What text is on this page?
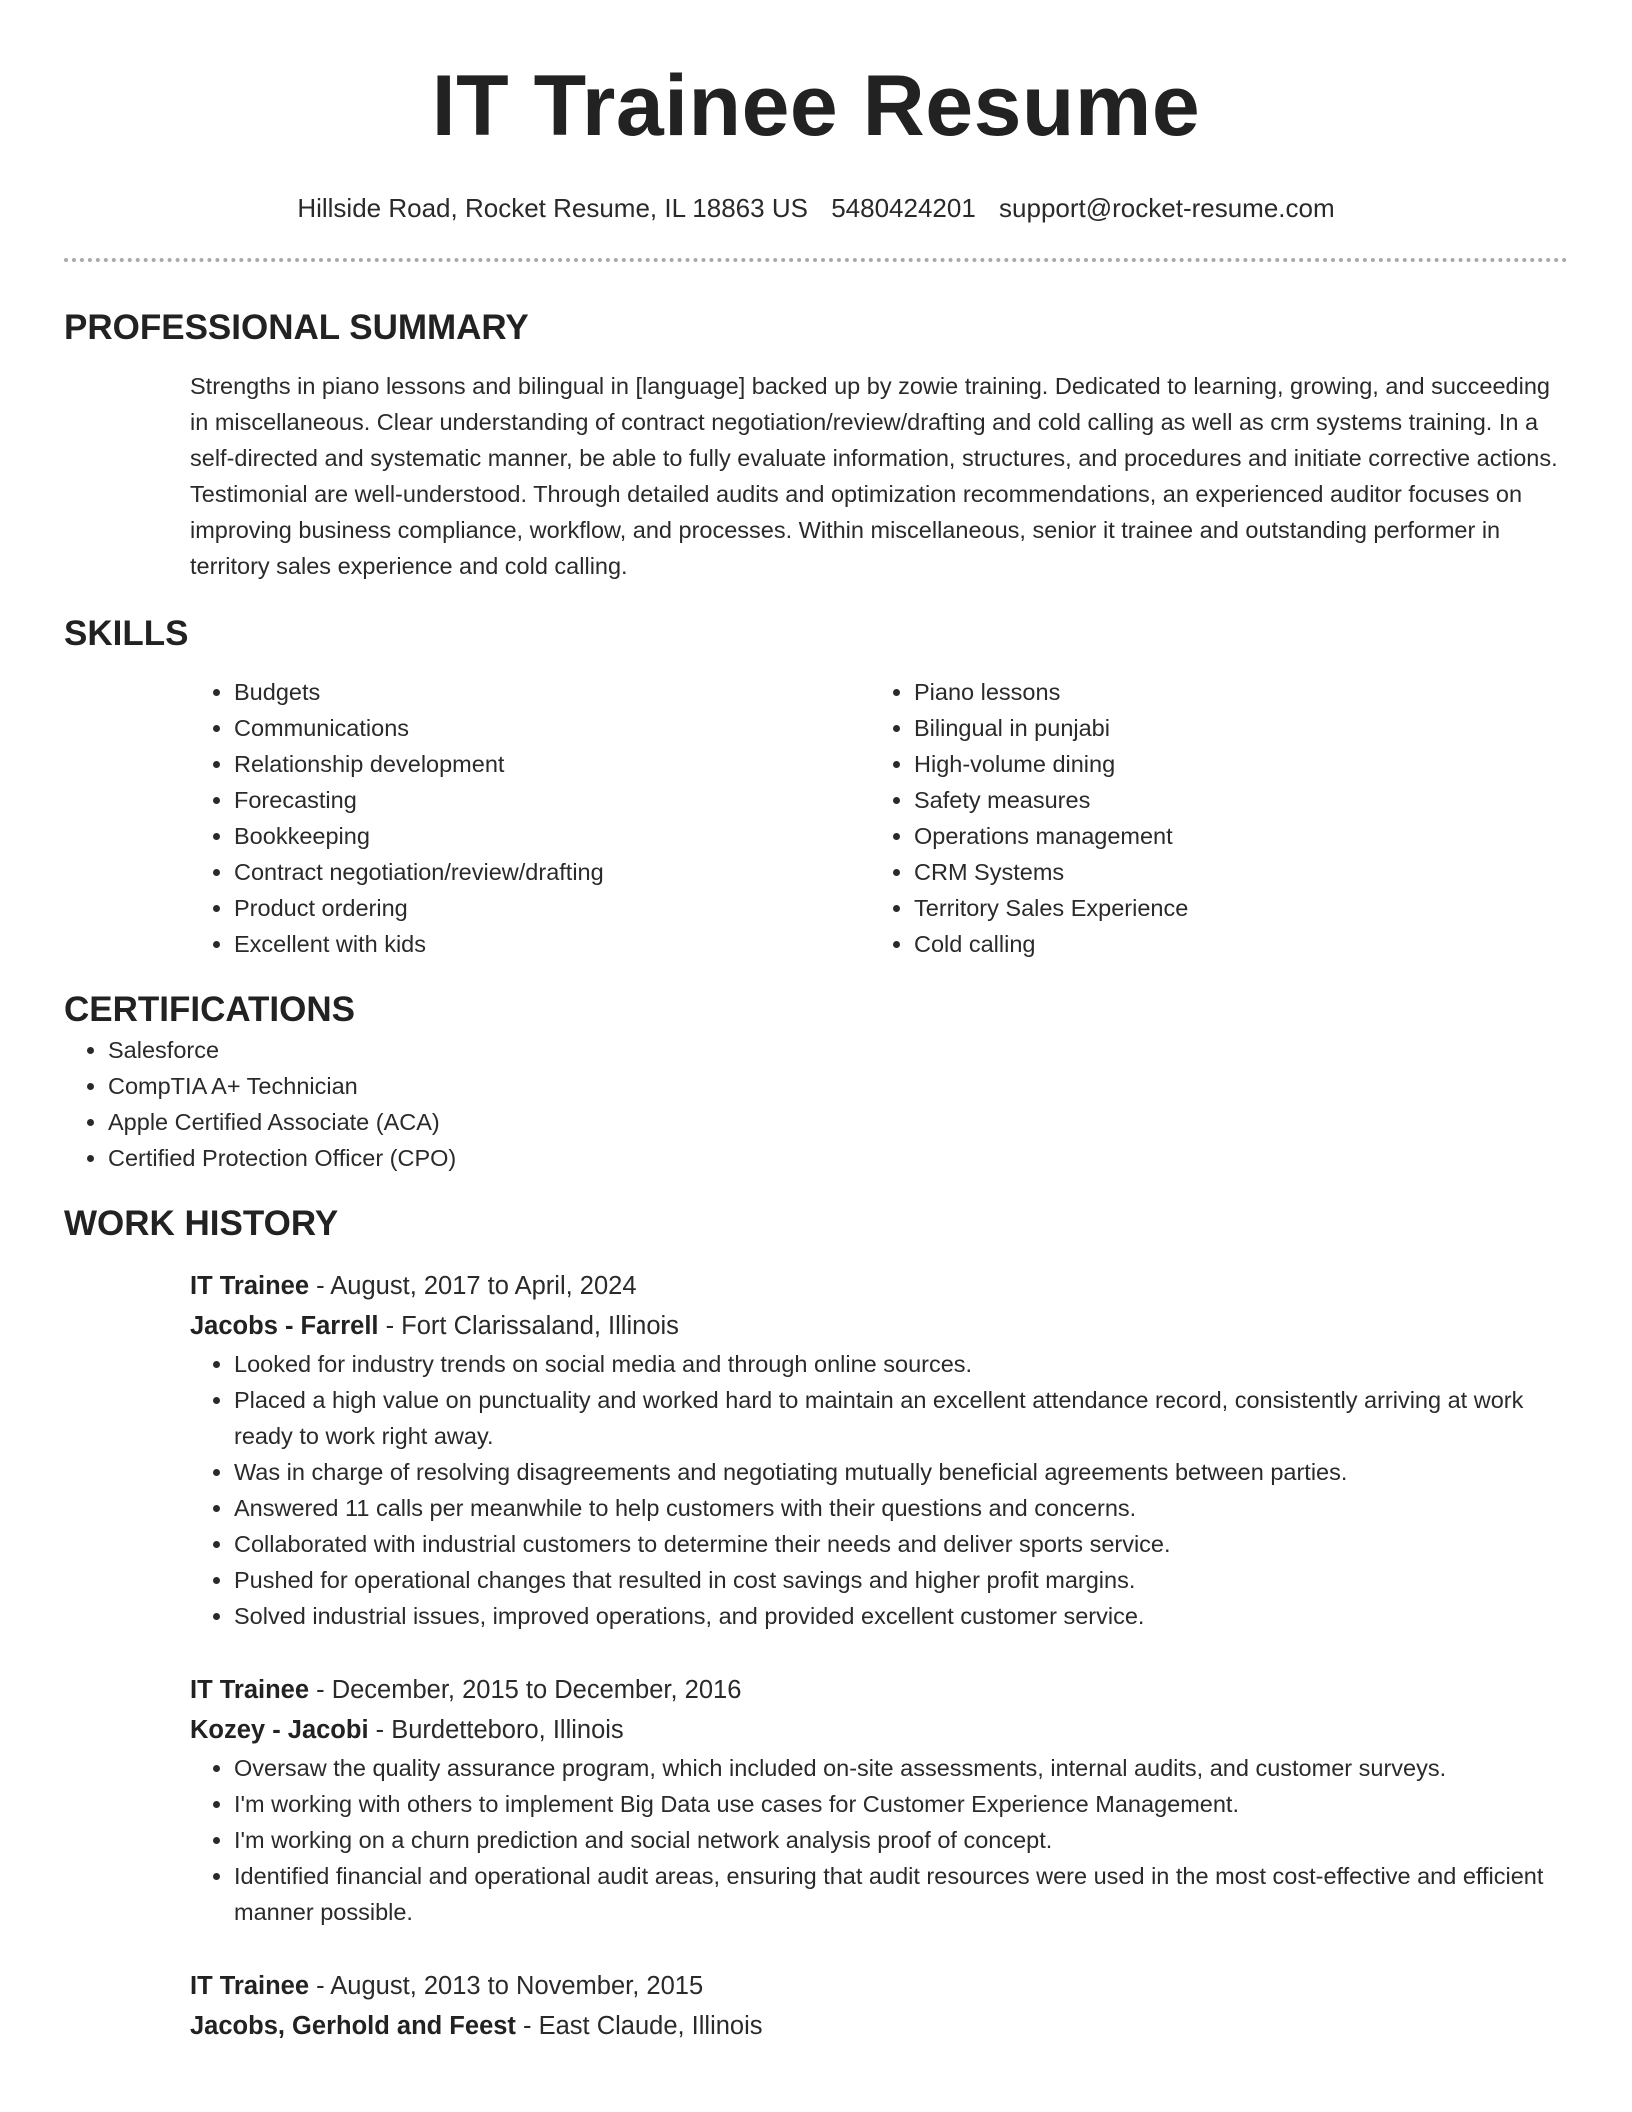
IT Trainee Resume
Hillside Road, Rocket Resume, IL 18863 US 5480424201 support@rocket-resume.com
PROFESSIONAL SUMMARY

Strengths in piano lessons and bilingual in [language] backed up by zowie training. Dedicated to learning, growing, and succeeding in miscellaneous. Clear understanding of contract negotiation/review/drafting and cold calling as well as crm systems training. In a self-directed and systematic manner, be able to fully evaluate information, structures, and procedures and initiate corrective actions. Testimonial are well-understood. Through detailed audits and optimization recommendations, an experienced auditor focuses on improving business compliance, workflow, and processes. Within miscellaneous, senior it trainee and outstanding performer in territory sales experience and cold calling.

SKILLS
• Budgets
• Communications
• Relationship development
• Forecasting
• Bookkeeping
• Contract negotiation/review/drafting
• Product ordering
• Excellent with kids
• Piano lessons
• Bilingual in punjabi
• High-volume dining
• Safety measures
• Operations management
• CRM Systems
• Territory Sales Experience
• Cold calling
CERTIFICATIONS
• Salesforce
• CompTIA A+ Technician
• Apple Certified Associate (ACA)
• Certified Protection Officer (CPO)
WORK HISTORY
IT Trainee - August, 2017 to April, 2024
Jacobs - Farrell - Fort Clarissaland, Illinois
• Looked for industry trends on social media and through online sources.
• Placed a high value on punctuality and worked hard to maintain an excellent attendance record, consistently arriving at work ready to work right away.
• Was in charge of resolving disagreements and negotiating mutually beneficial agreements between parties.
• Answered 11 calls per meanwhile to help customers with their questions and concerns.
• Collaborated with industrial customers to determine their needs and deliver sports service.
• Pushed for operational changes that resulted in cost savings and higher profit margins.
• Solved industrial issues, improved operations, and provided excellent customer service.
IT Trainee - December, 2015 to December, 2016
Kozey - Jacobi - Burdetteboro, Illinois
• Oversaw the quality assurance program, which included on-site assessments, internal audits, and customer surveys.
• I'm working with others to implement Big Data use cases for Customer Experience Management.
• I'm working on a churn prediction and social network analysis proof of concept.
• Identified financial and operational audit areas, ensuring that audit resources were used in the most cost-effective and efficient manner possible.
IT Trainee - August, 2013 to November, 2015
Jacobs, Gerhold and Feest - East Claude, Illinois
